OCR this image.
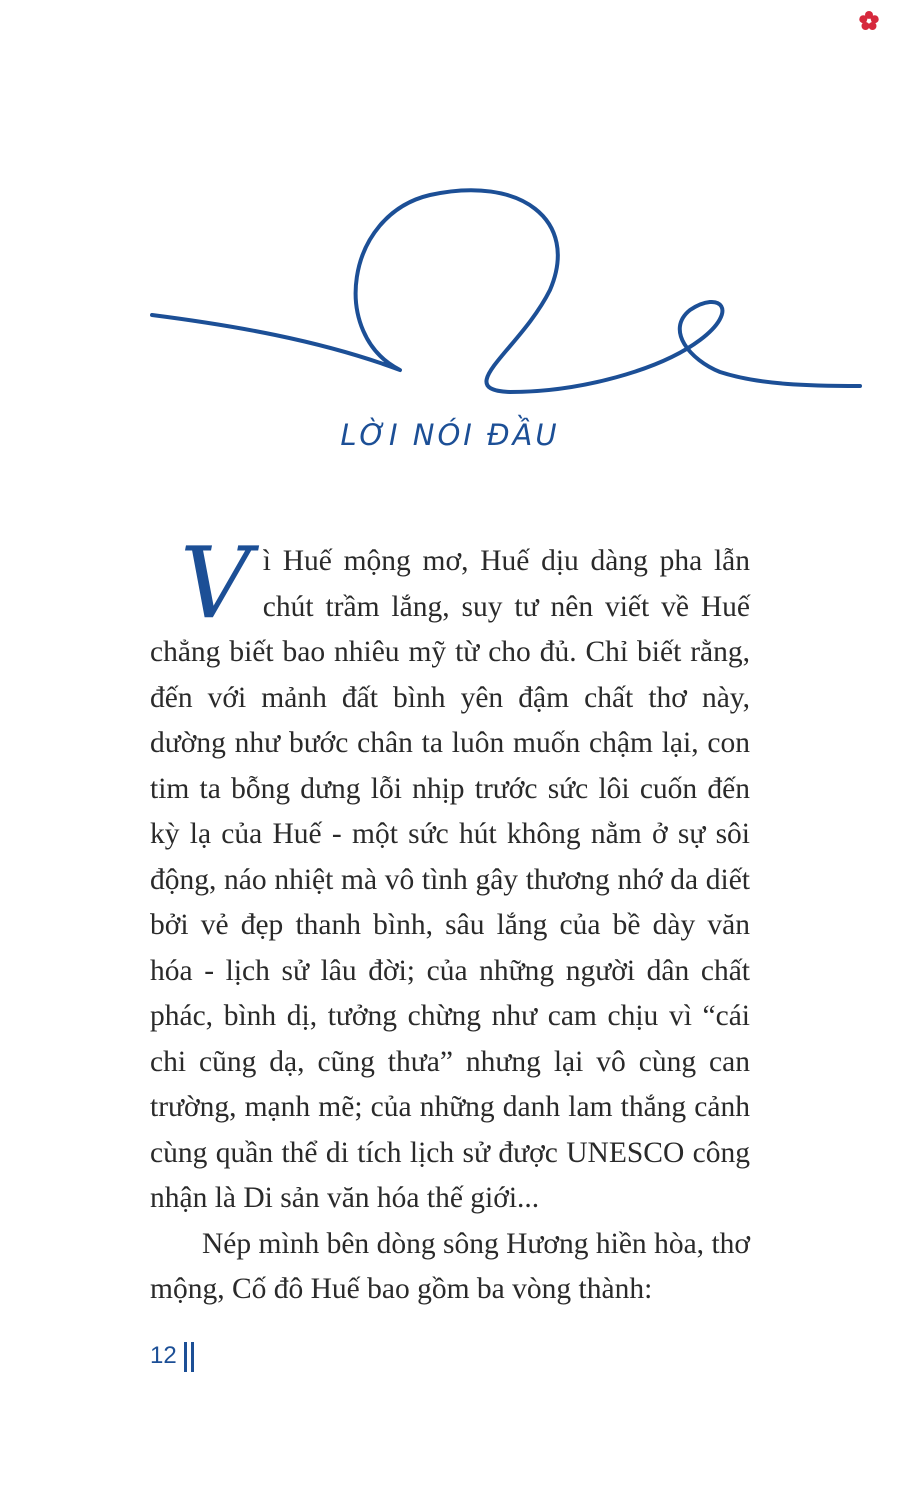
LỜI NÓI ĐẦU

Vì Huế mộng mơ, Huế dịu dàng pha lẫn chút trầm lắng, suy tư nên viết về Huế chẳng biết bao nhiêu mỹ từ cho đủ. Chỉ biết rằng, đến với mảnh đất bình yên đậm chất thơ này, dường như bước chân ta luôn muốn chậm lại, con tim ta bỗng dưng lỗi nhịp trước sức lôi cuốn đến kỳ lạ của Huế - một sức hút không nằm ở sự sôi động, náo nhiệt mà vô tình gây thương nhớ da diết bởi vẻ đẹp thanh bình, sâu lắng của bề dày văn hóa - lịch sử lâu đời; của những người dân chất phác, bình dị, tưởng chừng như cam chịu vì “cái chi cũng dạ, cũng thưa” nhưng lại vô cùng can trường, mạnh mẽ; của những danh lam thắng cảnh cùng quần thể di tích lịch sử được UNESCO công nhận là Di sản văn hóa thế giới...

Nép mình bên dòng sông Hương hiền hòa, thơ mộng, Cố đô Huế bao gồm ba vòng thành:

12
